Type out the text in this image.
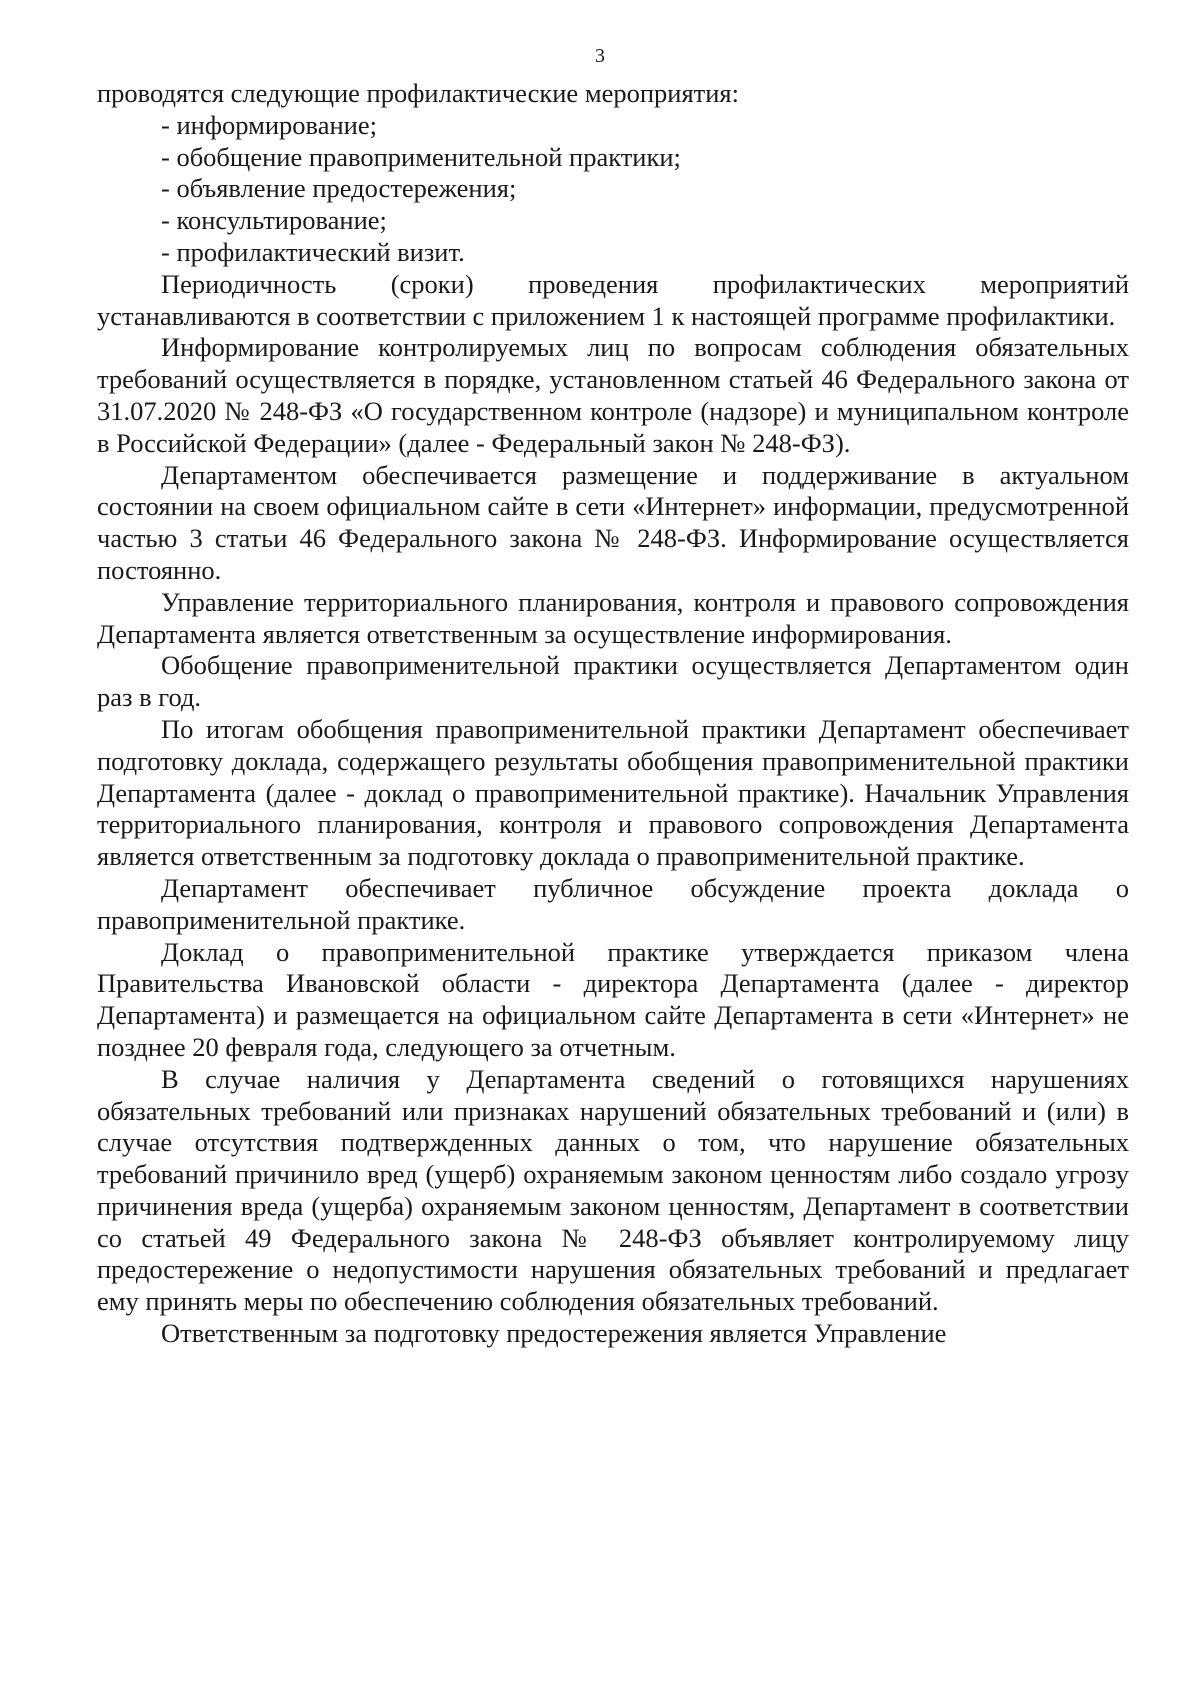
3

проводятся следующие профилактические мероприятия:

- информирование;

- обобщение правоприменительной практики;

- объявление предостережения;

- консультирование;

- профилактический визит.

Периодичность (сроки) проведения профилактических мероприятий устанавливаются в соответствии с приложением 1 к настоящей программе профилактики.

Информирование контролируемых лиц по вопросам соблюдения обязательных требований осуществляется в порядке, установленном статьей 46 Федерального закона от 31.07.2020 № 248-ФЗ «О государственном контроле (надзоре) и муниципальном контроле в Российской Федерации» (далее - Федеральный закон № 248-ФЗ).

Департаментом обеспечивается размещение и поддерживание в актуальном состоянии на своем официальном сайте в сети «Интернет» информации, предусмотренной частью 3 статьи 46 Федерального закона № 248-ФЗ. Информирование осуществляется постоянно.

Управление территориального планирования, контроля и правового сопровождения Департамента является ответственным за осуществление информирования.

Обобщение правоприменительной практики осуществляется Департаментом один раз в год.

По итогам обобщения правоприменительной практики Департамент обеспечивает подготовку доклада, содержащего результаты обобщения правоприменительной практики Департамента (далее - доклад о правоприменительной практике). Начальник Управления территориального планирования, контроля и правового сопровождения Департамента является ответственным за подготовку доклада о правоприменительной практике.

Департамент обеспечивает публичное обсуждение проекта доклада о правоприменительной практике.

Доклад о правоприменительной практике утверждается приказом члена Правительства Ивановской области - директора Департамента (далее - директор Департамента) и размещается на официальном сайте Департамента в сети «Интернет» не позднее 20 февраля года, следующего за отчетным.

В случае наличия у Департамента сведений о готовящихся нарушениях обязательных требований или признаках нарушений обязательных требований и (или) в случае отсутствия подтвержденных данных о том, что нарушение обязательных требований причинило вред (ущерб) охраняемым законом ценностям либо создало угрозу причинения вреда (ущерба) охраняемым законом ценностям, Департамент в соответствии со статьей 49 Федерального закона № 248-ФЗ объявляет контролируемому лицу предостережение о недопустимости нарушения обязательных требований и предлагает ему принять меры по обеспечению соблюдения обязательных требований.

Ответственным за подготовку предостережения является Управление
